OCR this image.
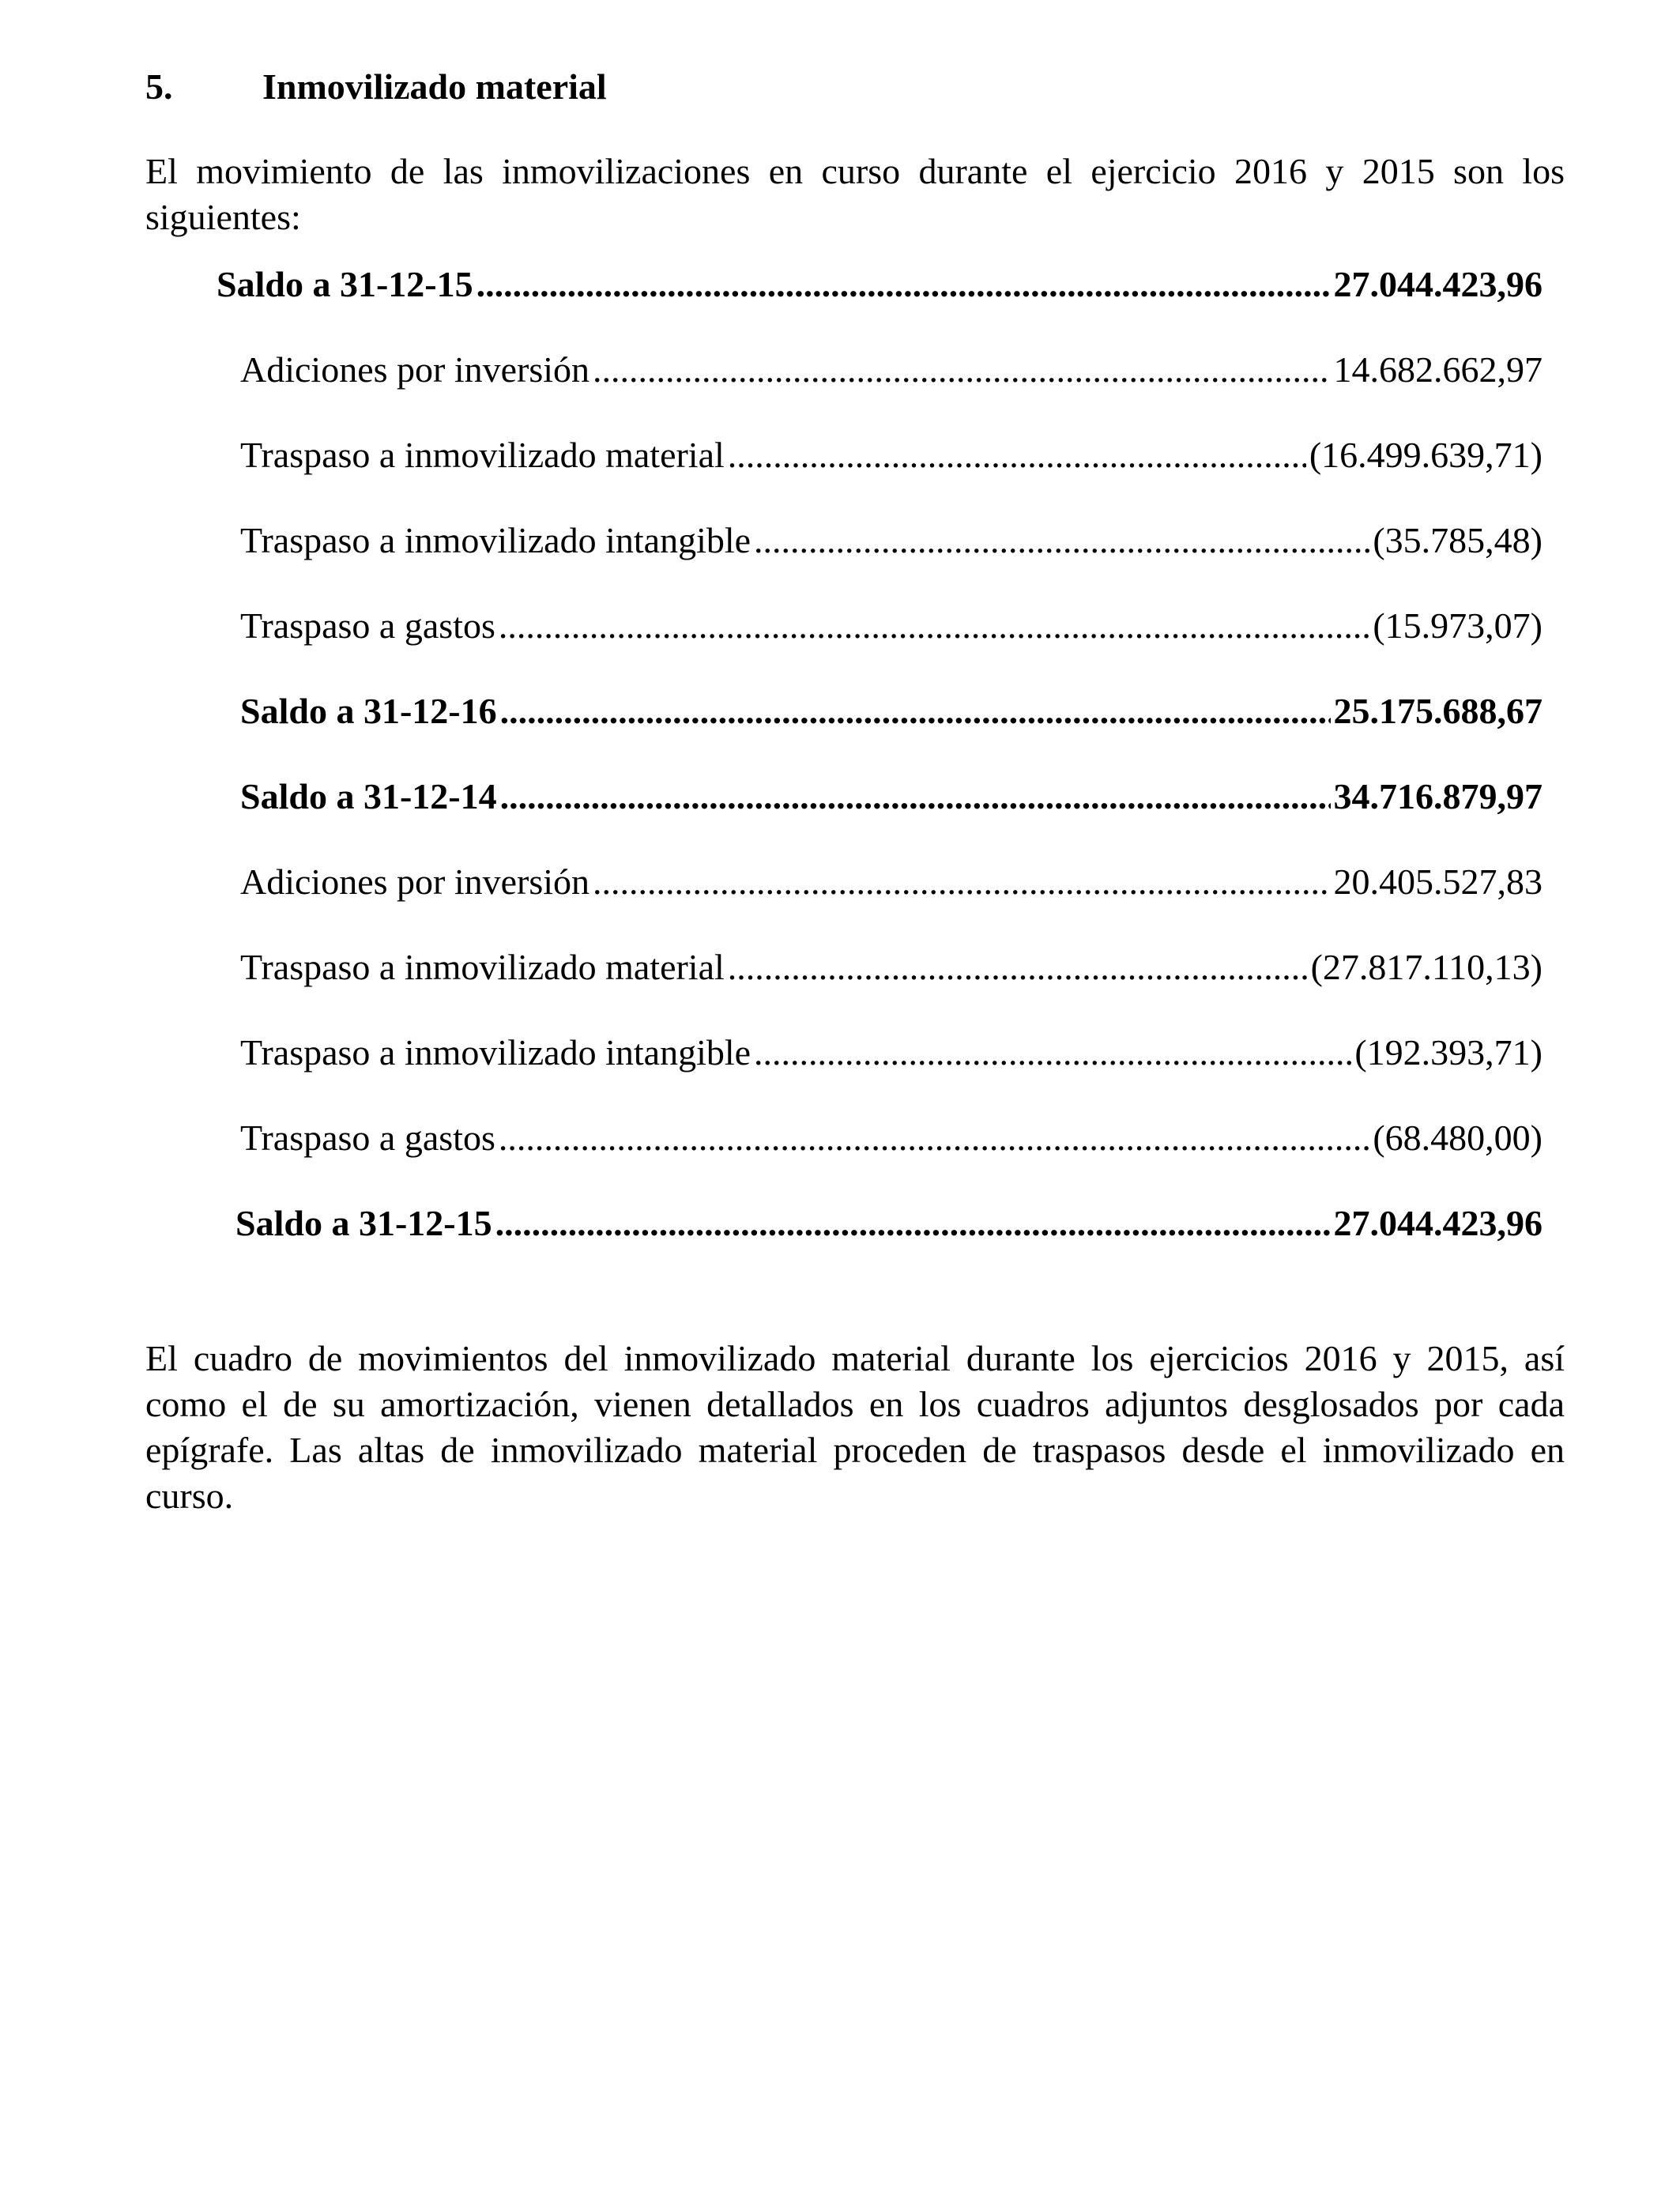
5. Inmovilizado material
El movimiento de las inmovilizaciones en curso durante el ejercicio 2016 y 2015 son los siguientes:
Saldo a 31-12-15 .....	27.044.423,96
Adiciones por inversión .....	14.682.662,97
Traspaso a inmovilizado material .....	(16.499.639,71)
Traspaso a inmovilizado intangible .....	(35.785,48)
Traspaso a gastos .....	(15.973,07)
Saldo a 31-12-16 .....	25.175.688,67
Saldo a 31-12-14 .....	34.716.879,97
Adiciones por inversión .....	20.405.527,83
Traspaso a inmovilizado material .....	(27.817.110,13)
Traspaso a inmovilizado intangible .....	(192.393,71)
Traspaso a gastos .....	(68.480,00)
Saldo a 31-12-15 .....	27.044.423,96
El cuadro de movimientos del inmovilizado material durante los ejercicios 2016 y 2015, así como el de su amortización, vienen detallados en los cuadros adjuntos desglosados por cada epígrafe. Las altas de inmovilizado material proceden de traspasos desde el inmovilizado en curso.
